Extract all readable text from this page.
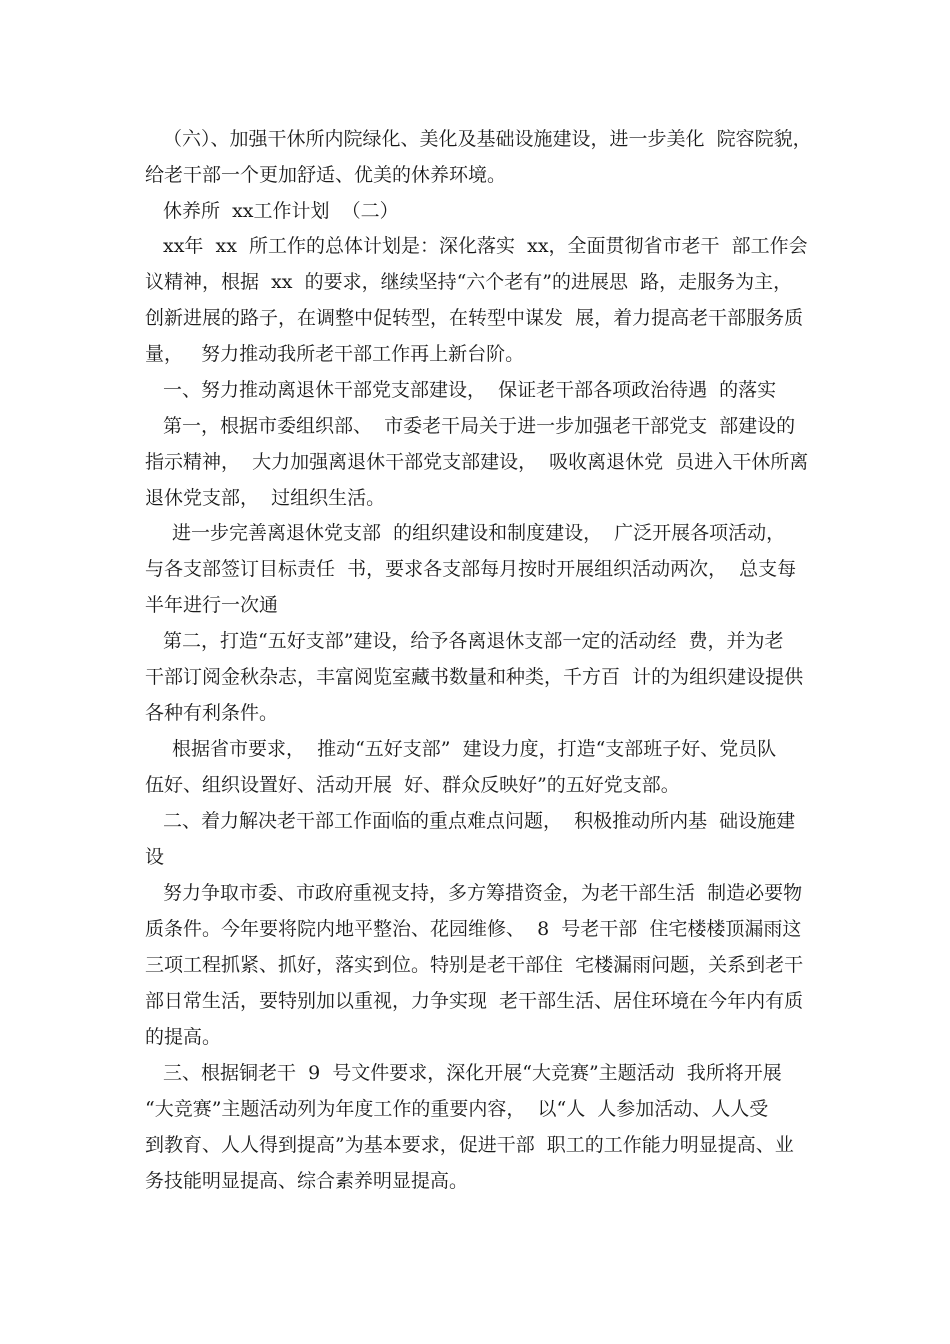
（六）、加强干休所内院绿化、美化及基础设施建设，进一步美化  院容院貌，
给老干部一个更加舒适、优美的休养环境。
休养所  xx工作计划  （二）
xx年  xx  所工作的总体计划是：深化落实  xx，全面贯彻省市老干  部工作会
议精神，根据  xx  的要求，继续坚持“六个老有”的进展思  路，走服务为主，
创新进展的路子，在调整中促转型，在转型中谋发  展，着力提高老干部服务质
量，   努力推动我所老干部工作再上新台阶。
一、努力推动离退休干部党支部建设，  保证老干部各项政治待遇  的落实
第一，根据市委组织部、  市委老干局关于进一步加强老干部党支  部建设的
指示精神，  大力加强离退休干部党支部建设，  吸收离退休党  员进入干休所离
退休党支部，  过组织生活。
进一步完善离退休党支部  的组织建设和制度建设，  广泛开展各项活动，
与各支部签订目标责任  书，要求各支部每月按时开展组织活动两次，  总支每
半年进行一次通
第二，打造“五好支部”建设，给予各离退休支部一定的活动经  费，并为老
干部订阅金秋杂志，丰富阅览室藏书数量和种类，千方百  计的为组织建设提供
各种有利条件。
根据省市要求，  推动“五好支部”  建设力度，打造“支部班子好、党员队
伍好、组织设置好、活动开展  好、群众反映好”的五好党支部。
二、着力解决老干部工作面临的重点难点问题，  积极推动所内基  础设施建
设
努力争取市委、市政府重视支持，多方筹措资金，为老干部生活  制造必要物
质条件。今年要将院内地平整治、花园维修、  8  号老干部  住宅楼楼顶漏雨这
三项工程抓紧、抓好，落实到位。特别是老干部住  宅楼漏雨问题，关系到老干
部日常生活，要特别加以重视，力争实现  老干部生活、居住环境在今年内有质
的提高。
三、根据铜老干  9  号文件要求，深化开展“大竞赛”主题活动  我所将开展
“大竞赛”主题活动列为年度工作的重要内容，  以“人  人参加活动、人人受
到教育、人人得到提高”为基本要求，促进干部  职工的工作能力明显提高、业
务技能明显提高、综合素养明显提高。
